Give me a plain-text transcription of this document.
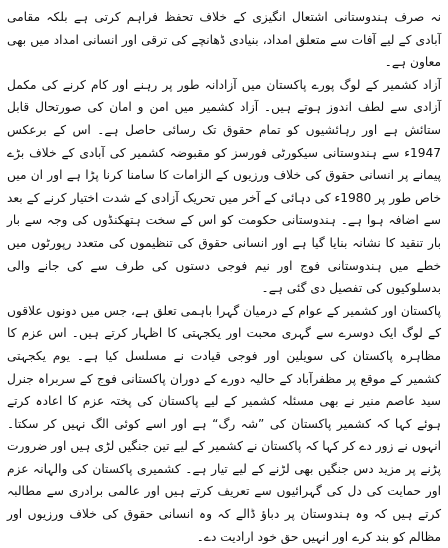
نہ صرف ہندوستانی اشتعال انگیزی کے خلاف تحفظ فراہم کرتی ہے بلکہ مقامی آبادی کے لیے آفات سے متعلق امداد، بنیادی ڈھانچے کی ترقی اور انسانی امداد میں بھی معاون ہے۔

آزاد کشمیر کے لوگ پورے پاکستان میں آزادانہ طور پر رہنے اور کام کرنے کی مکمل آزادی سے لطف اندوز ہوتے ہیں۔ آزاد کشمیر میں امن و امان کی صورتحال قابل ستائش ہے اور رہائشیوں کو تمام حقوق تک رسائی حاصل ہے۔ اس کے برعکس 1947ء سے ہندوستانی سیکورٹی فورسز کو مقبوضہ کشمیر کی آبادی کے خلاف بڑے پیمانے پر انسانی حقوق کی خلاف ورزیوں کے الزامات کا سامنا کرنا پڑا ہے اور ان میں خاص طور پر 1980ء کی دہائی کے آخر میں تحریک آزادی کے شدت اختیار کرنے کے بعد سے اضافہ ہوا ہے۔ ہندوستانی حکومت کو اس کے سخت ہتھکنڈوں کی وجہ سے بار بار تنقید کا نشانہ بنایا گیا ہے اور انسانی حقوق کی تنظیموں کی متعدد رپورٹوں میں خطے میں ہندوستانی فوج اور نیم فوجی دستوں کی طرف سے کی جانے والی بدسلوکیوں کی تفصیل دی گئی ہے۔

پاکستان اور کشمیر کے عوام کے درمیان گہرا باہمی تعلق ہے، جس میں دونوں علاقوں کے لوگ ایک دوسرے سے گہری محبت اور یکجہتی کا اظہار کرتے ہیں۔ اس عزم کا مظاہرہ پاکستان کی سویلین اور فوجی قیادت نے مسلسل کیا ہے۔ یوم یکجہتی کشمیر کے موقع پر مظفرآباد کے حالیہ دورے کے دوران پاکستانی فوج کے سربراہ جنرل سید عاصم منیر نے بھی مسئلہ کشمیر کے لیے پاکستان کی پختہ عزم کا اعادہ کرتے ہوئے کہا کہ کشمیر پاکستان کی ”شہ رگ“ ہے اور اسے کوئی الگ نہیں کر سکتا۔ انہوں نے زور دے کر کہا کہ پاکستان نے کشمیر کے لیے تین جنگیں لڑی ہیں اور ضرورت پڑنے پر مزید دس جنگیں بھی لڑنے کے لیے تیار ہے۔ کشمیری پاکستان کی والہانہ عزم اور حمایت کی دل کی گہرائیوں سے تعریف کرتے ہیں اور عالمی برادری سے مطالبہ کرتے ہیں کہ وہ ہندوستان پر دباؤ ڈالے کہ وہ انسانی حقوق کی خلاف ورزیوں اور مظالم کو بند کرے اور انہیں حق خود ارادیت دے۔
